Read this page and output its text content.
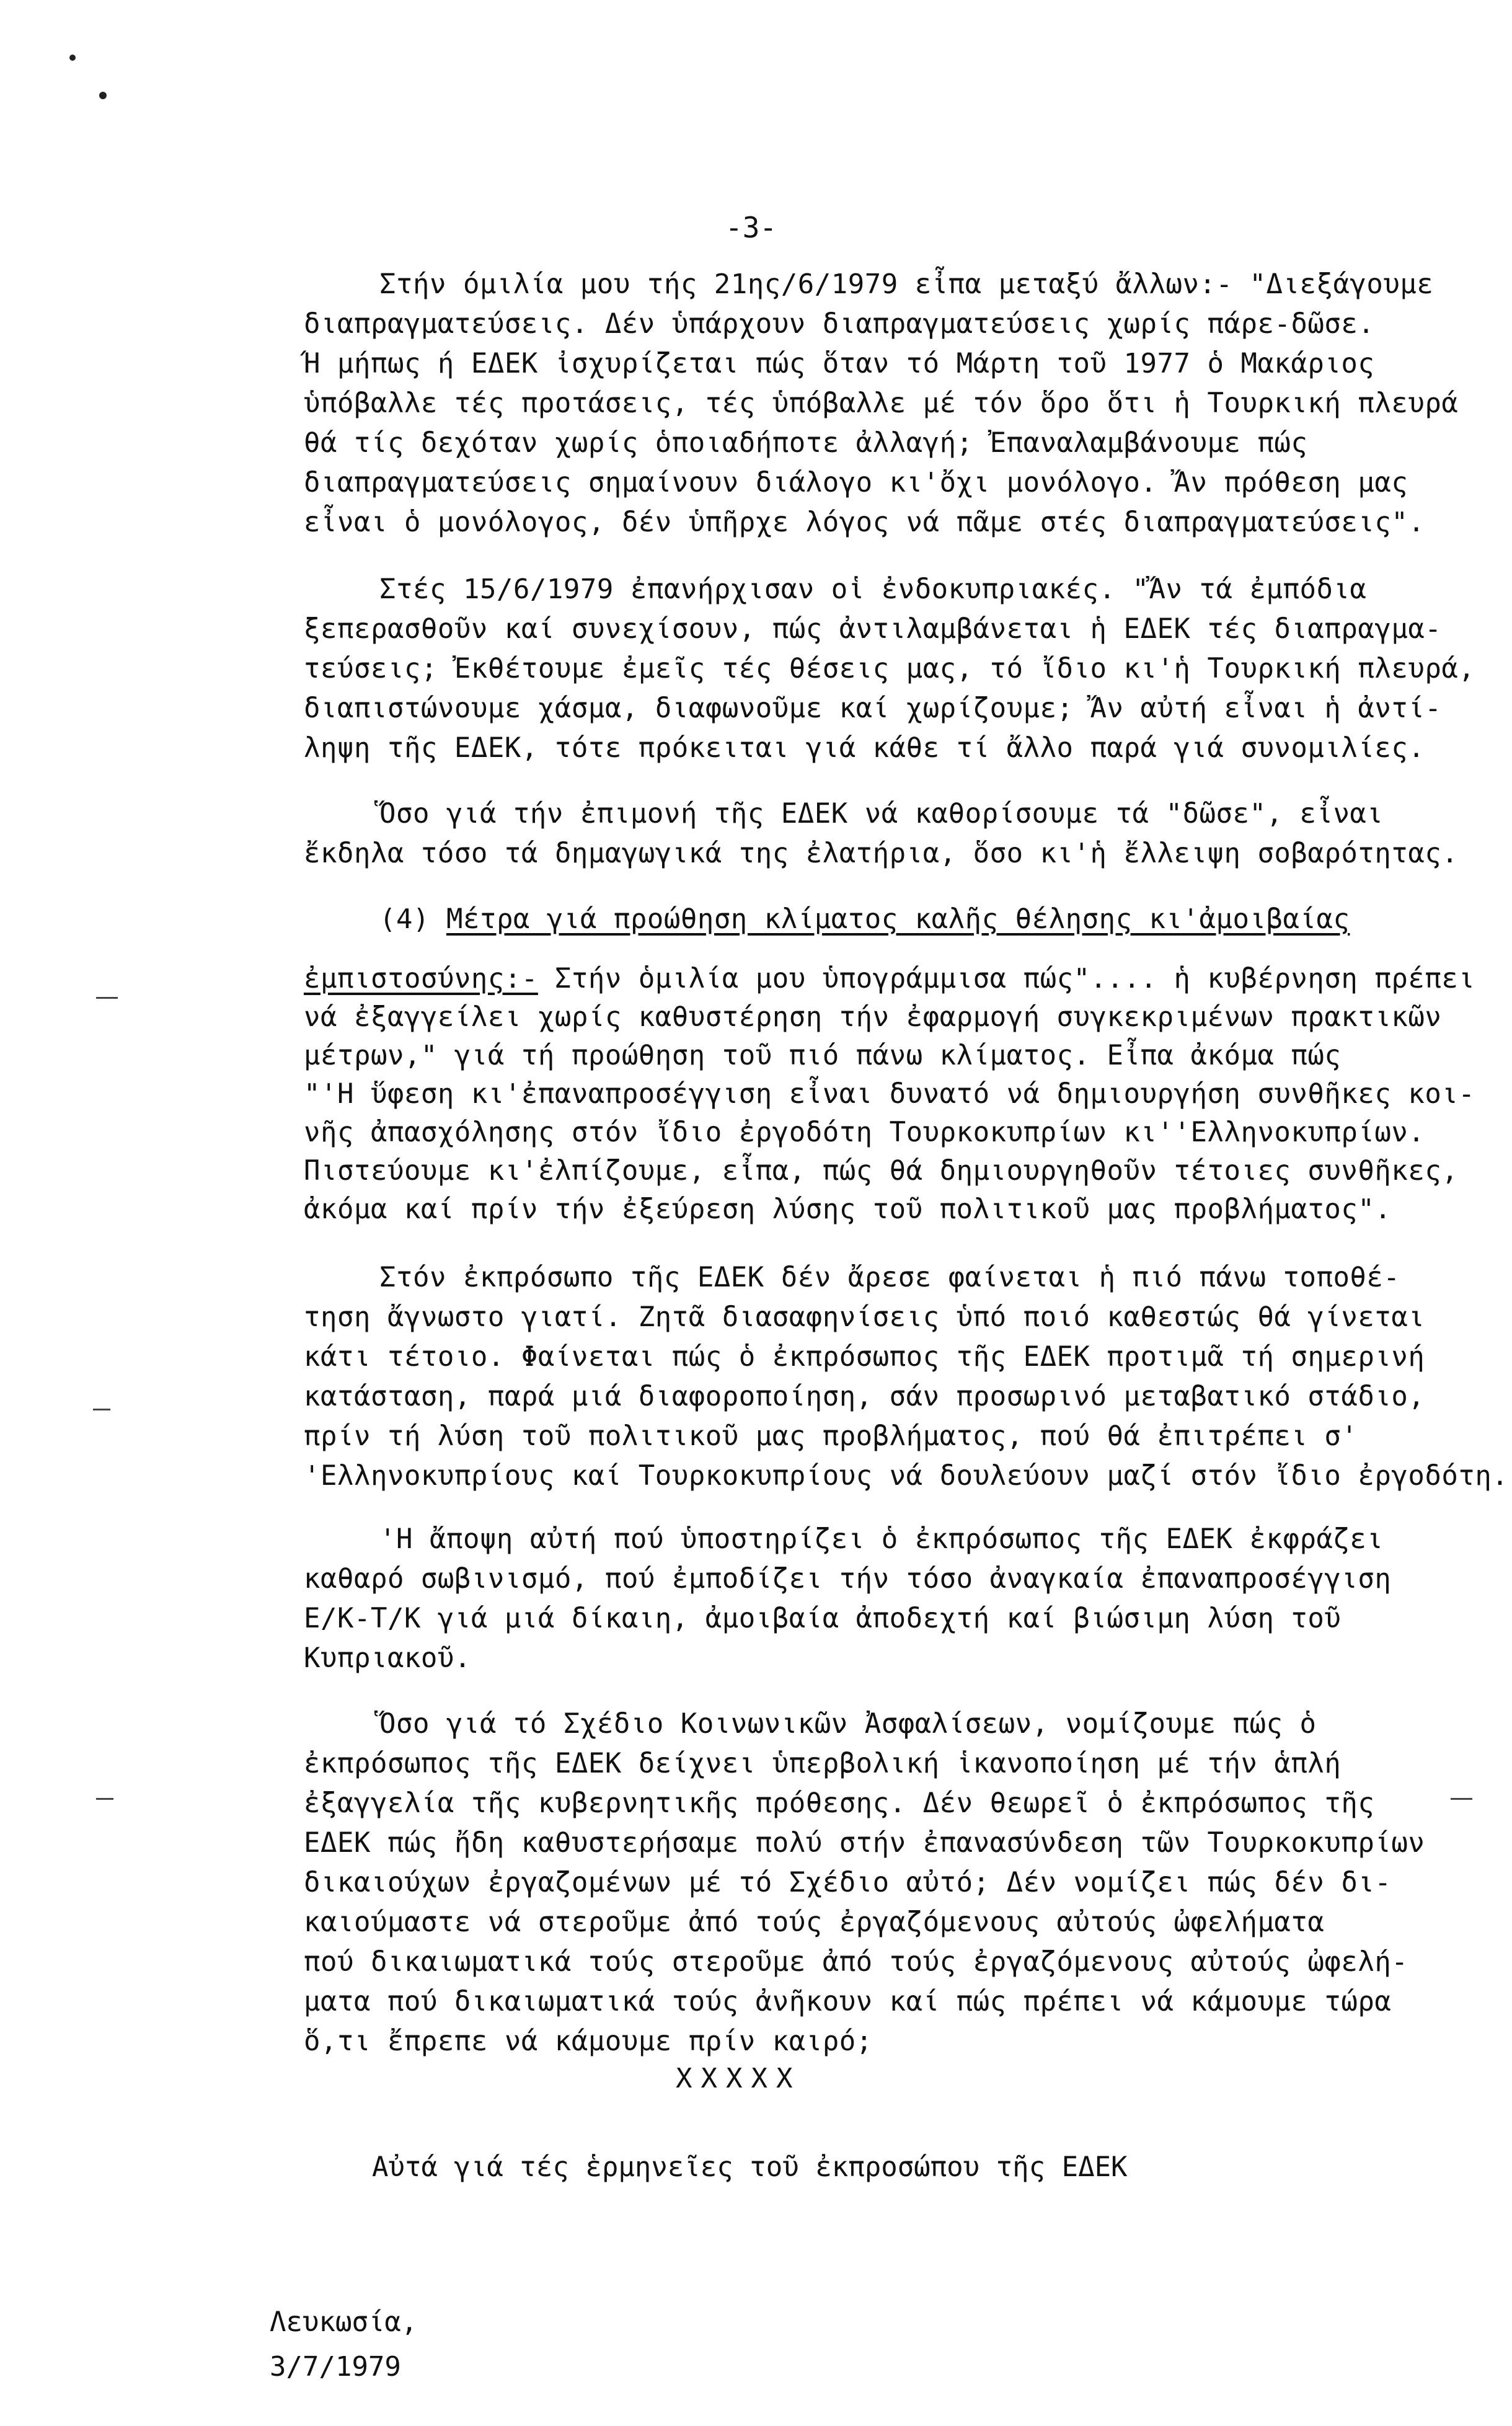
-3-
Στήν όμιλία μου τής 21ης/6/1979 εἶπα μεταξύ ἄλλων:- "Διεξάγουμε
διαπραγματεύσεις. Δέν ὑπάρχουν διαπραγματεύσεις χωρίς πάρε-δῶσε.
Ή μήπως ή ΕΔΕΚ ἰσχυρίζεται πώς ὅταν τό Μάρτη τοῦ 1977 ὁ Μακάριος
ὑπόβαλλε τές προτάσεις, τές ὑπόβαλλε μέ τόν ὅρο ὅτι ἡ Τουρκική πλευρά
θά τίς δεχόταν χωρίς ὁποιαδήποτε ἀλλαγή; Ἐπαναλαμβάνουμε πώς
διαπραγματεύσεις σημαίνουν διάλογο κι'ὄχι μονόλογο. Ἄν πρόθεση μας
εἶναι ὁ μονόλογος, δέν ὑπῆρχε λόγος νά πᾶμε στές διαπραγματεύσεις".
Στές 15/6/1979 ἐπανήρχισαν οἱ ἐνδοκυπριακές. "Ἄν τά ἐμπόδια
ξεπερασθοῦν καί συνεχίσουν, πώς ἀντιλαμβάνεται ἡ ΕΔΕΚ τές διαπραγμα-
τεύσεις; Ἐκθέτουμε ἐμεῖς τές θέσεις μας, τό ἴδιο κι'ἡ Τουρκική πλευρά,
διαπιστώνουμε χάσμα, διαφωνοῦμε καί χωρίζουμε; Ἄν αὐτή εἶναι ἡ ἀντί-
ληψη τῆς ΕΔΕΚ, τότε πρόκειται γιά κάθε τί ἄλλο παρά γιά συνομιλίες.
Ὅσο γιά τήν ἐπιμονή τῆς ΕΔΕΚ νά καθορίσουμε τά "δῶσε", εἶναι
ἔκδηλα τόσο τά δημαγωγικά της ἐλατήρια, ὅσο κι'ἡ ἔλλειψη σοβαρότητας.
(4) Μέτρα γιά προώθηση κλίματος καλῆς θέλησης κι'ἀμοιβαίας
ἐμπιστοσύνης:- Στήν ὁμιλία μου ὑπογράμμισα πώς".... ἡ κυβέρνηση πρέπει
νά ἐξαγγείλει χωρίς καθυστέρηση τήν ἐφαρμογή συγκεκριμένων πρακτικῶν
μέτρων," γιά τή προώθηση τοῦ πιό πάνω κλίματος. Εἶπα ἀκόμα πώς
"'Η ὕφεση κι'ἐπαναπροσέγγιση εἶναι δυνατό νά δημιουργήση συνθῆκες κοι-
νῆς ἀπασχόλησης στόν ἴδιο ἐργοδότη Τουρκοκυπρίων κι''Ελληνοκυπρίων.
Πιστεύουμε κι'ἐλπίζουμε, εἶπα, πώς θά δημιουργηθοῦν τέτοιες συνθῆκες,
ἀκόμα καί πρίν τήν ἐξεύρεση λύσης τοῦ πολιτικοῦ μας προβλήματος".
Στόν ἐκπρόσωπο τῆς ΕΔΕΚ δέν ἄρεσε φαίνεται ἡ πιό πάνω τοποθέ-
τηση ἄγνωστο γιατί. Ζητᾶ διασαφηνίσεις ὑπό ποιό καθεστώς θά γίνεται
κάτι τέτοιο. Φαίνεται πώς ὁ ἐκπρόσωπος τῆς ΕΔΕΚ προτιμᾶ τή σημερινή
κατάσταση, παρά μιά διαφοροποίηση, σάν προσωρινό μεταβατικό στάδιο,
πρίν τή λύση τοῦ πολιτικοῦ μας προβλήματος, πού θά ἐπιτρέπει σ'
'Ελληνοκυπρίους καί Τουρκοκυπρίους νά δουλεύουν μαζί στόν ἴδιο ἐργοδότη.
'Η ἄποψη αὐτή πού ὑποστηρίζει ὁ ἐκπρόσωπος τῆς ΕΔΕΚ ἐκφράζει
καθαρό σωβινισμό, πού ἐμποδίζει τήν τόσο ἀναγκαία ἐπαναπροσέγγιση
Ε/Κ-Τ/Κ γιά μιά δίκαιη, ἀμοιβαία ἀποδεχτή καί βιώσιμη λύση τοῦ
Κυπριακοῦ.
Ὅσο γιά τό Σχέδιο Κοινωνικῶν Ἀσφαλίσεων, νομίζουμε πώς ὁ
ἐκπρόσωπος τῆς ΕΔΕΚ δείχνει ὑπερβολική ἱκανοποίηση μέ τήν ἁπλή
ἐξαγγελία τῆς κυβερνητικῆς πρόθεσης. Δέν θεωρεῖ ὁ ἐκπρόσωπος τῆς
ΕΔΕΚ πώς ἤδη καθυστερήσαμε πολύ στήν ἐπανασύνδεση τῶν Τουρκοκυπρίων
δικαιούχων ἐργαζομένων μέ τό Σχέδιο αὐτό; Δέν νομίζει πώς δέν δι-
καιούμαστε νά στεροῦμε ἀπό τούς ἐργαζόμενους αὐτούς ὠφελήματα
πού δικαιωματικά τούς στεροῦμε ἀπό τούς ἐργαζόμενους αὐτούς ὠφελή-
ματα πού δικαιωματικά τούς ἀνῆκουν καί πώς πρέπει νά κάμουμε τώρα
ὅ,τι ἔπρεπε νά κάμουμε πρίν καιρό;
XXXXX
Αὐτά γιά τές ἑρμηνεῖες τοῦ ἐκπροσώπου τῆς ΕΔΕΚ
Λευκωσία,
3/7/1979
